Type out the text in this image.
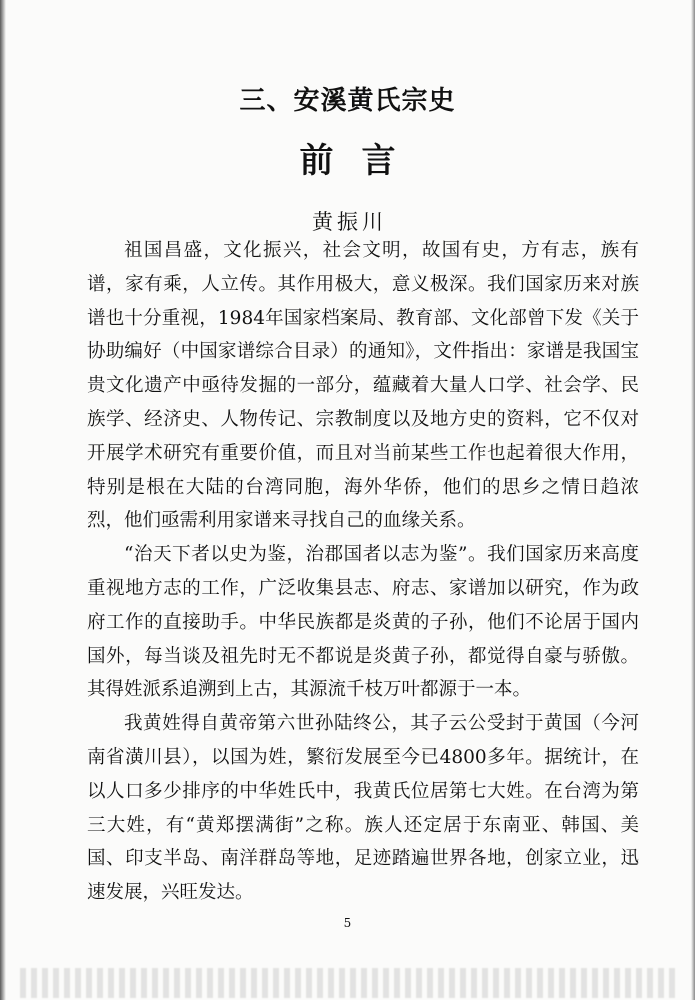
三、安溪黄氏宗史
前言
黄振川

祖国昌盛，文化振兴，社会文明，故国有史，方有志，族有谱，家有乘，人立传。其作用极大，意义极深。我们国家历来对族谱也十分重视，1984年国家档案局、教育部、文化部曾下发《关于协助编好（中国家谱综合目录）的通知》，文件指出：家谱是我国宝贵文化遗产中亟待发掘的一部分，蕴藏着大量人口学、社会学、民族学、经济史、人物传记、宗教制度以及地方史的资料，它不仅对开展学术研究有重要价值，而且对当前某些工作也起着很大作用，特别是根在大陆的台湾同胞，海外华侨，他们的思乡之情日趋浓烈，他们亟需利用家谱来寻找自己的血缘关系。

“治天下者以史为鉴，治郡国者以志为鉴”。我们国家历来高度重视地方志的工作，广泛收集县志、府志、家谱加以研究，作为政府工作的直接助手。中华民族都是炎黄的子孙，他们不论居于国内国外，每当谈及祖先时无不都说是炎黄子孙，都觉得自豪与骄傲。其得姓派系追溯到上古，其源流千枝万叶都源于一本。

我黄姓得自黄帝第六世孙陆终公，其子云公受封于黄国（今河南省潢川县），以国为姓，繁衍发展至今已4800多年。据统计，在以人口多少排序的中华姓氏中，我黄氏位居第七大姓。在台湾为第三大姓，有“黄郑摆满街”之称。族人还定居于东南亚、韩国、美国、印支半岛、南洋群岛等地，足迹踏遍世界各地，创家立业，迅速发展，兴旺发达。

5
